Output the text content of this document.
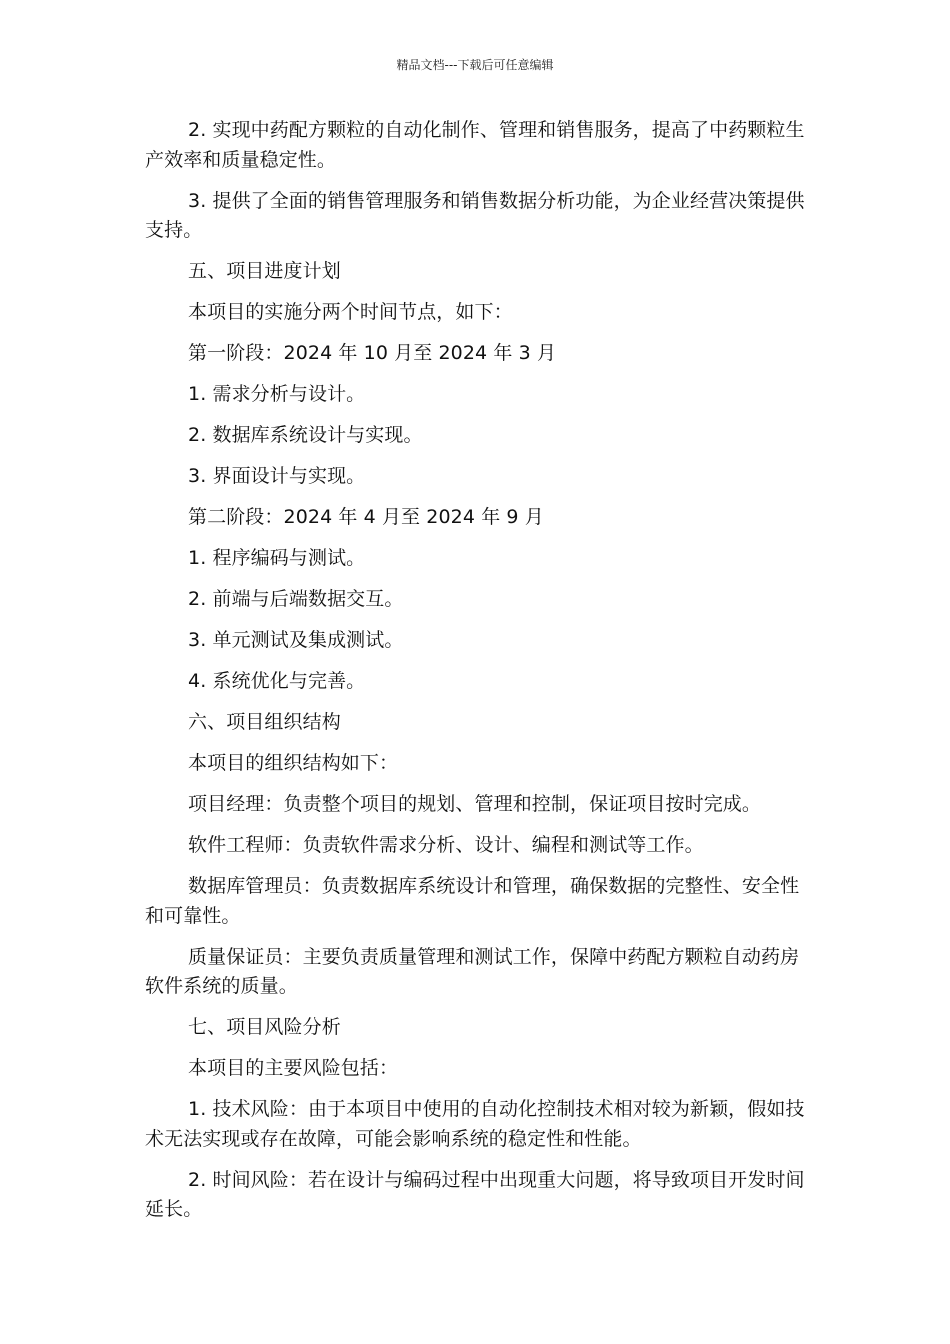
精品文档---下载后可任意编辑

2. 实现中药配方颗粒的自动化制作、管理和销售服务，提高了中药颗粒生产效率和质量稳定性。

3. 提供了全面的销售管理服务和销售数据分析功能，为企业经营决策提供支持。

五、项目进度计划

本项目的实施分两个时间节点，如下：

第一阶段：2024 年 10 月至 2024 年 3 月

1. 需求分析与设计。

2. 数据库系统设计与实现。

3. 界面设计与实现。

第二阶段：2024 年 4 月至 2024 年 9 月

1. 程序编码与测试。

2. 前端与后端数据交互。

3. 单元测试及集成测试。

4. 系统优化与完善。

六、项目组织结构

本项目的组织结构如下：

项目经理：负责整个项目的规划、管理和控制，保证项目按时完成。

软件工程师：负责软件需求分析、设计、编程和测试等工作。

数据库管理员：负责数据库系统设计和管理，确保数据的完整性、安全性和可靠性。

质量保证员：主要负责质量管理和测试工作，保障中药配方颗粒自动药房软件系统的质量。

七、项目风险分析

本项目的主要风险包括：

1. 技术风险：由于本项目中使用的自动化控制技术相对较为新颖，假如技术无法实现或存在故障，可能会影响系统的稳定性和性能。

2. 时间风险：若在设计与编码过程中出现重大问题，将导致项目开发时间延长。
